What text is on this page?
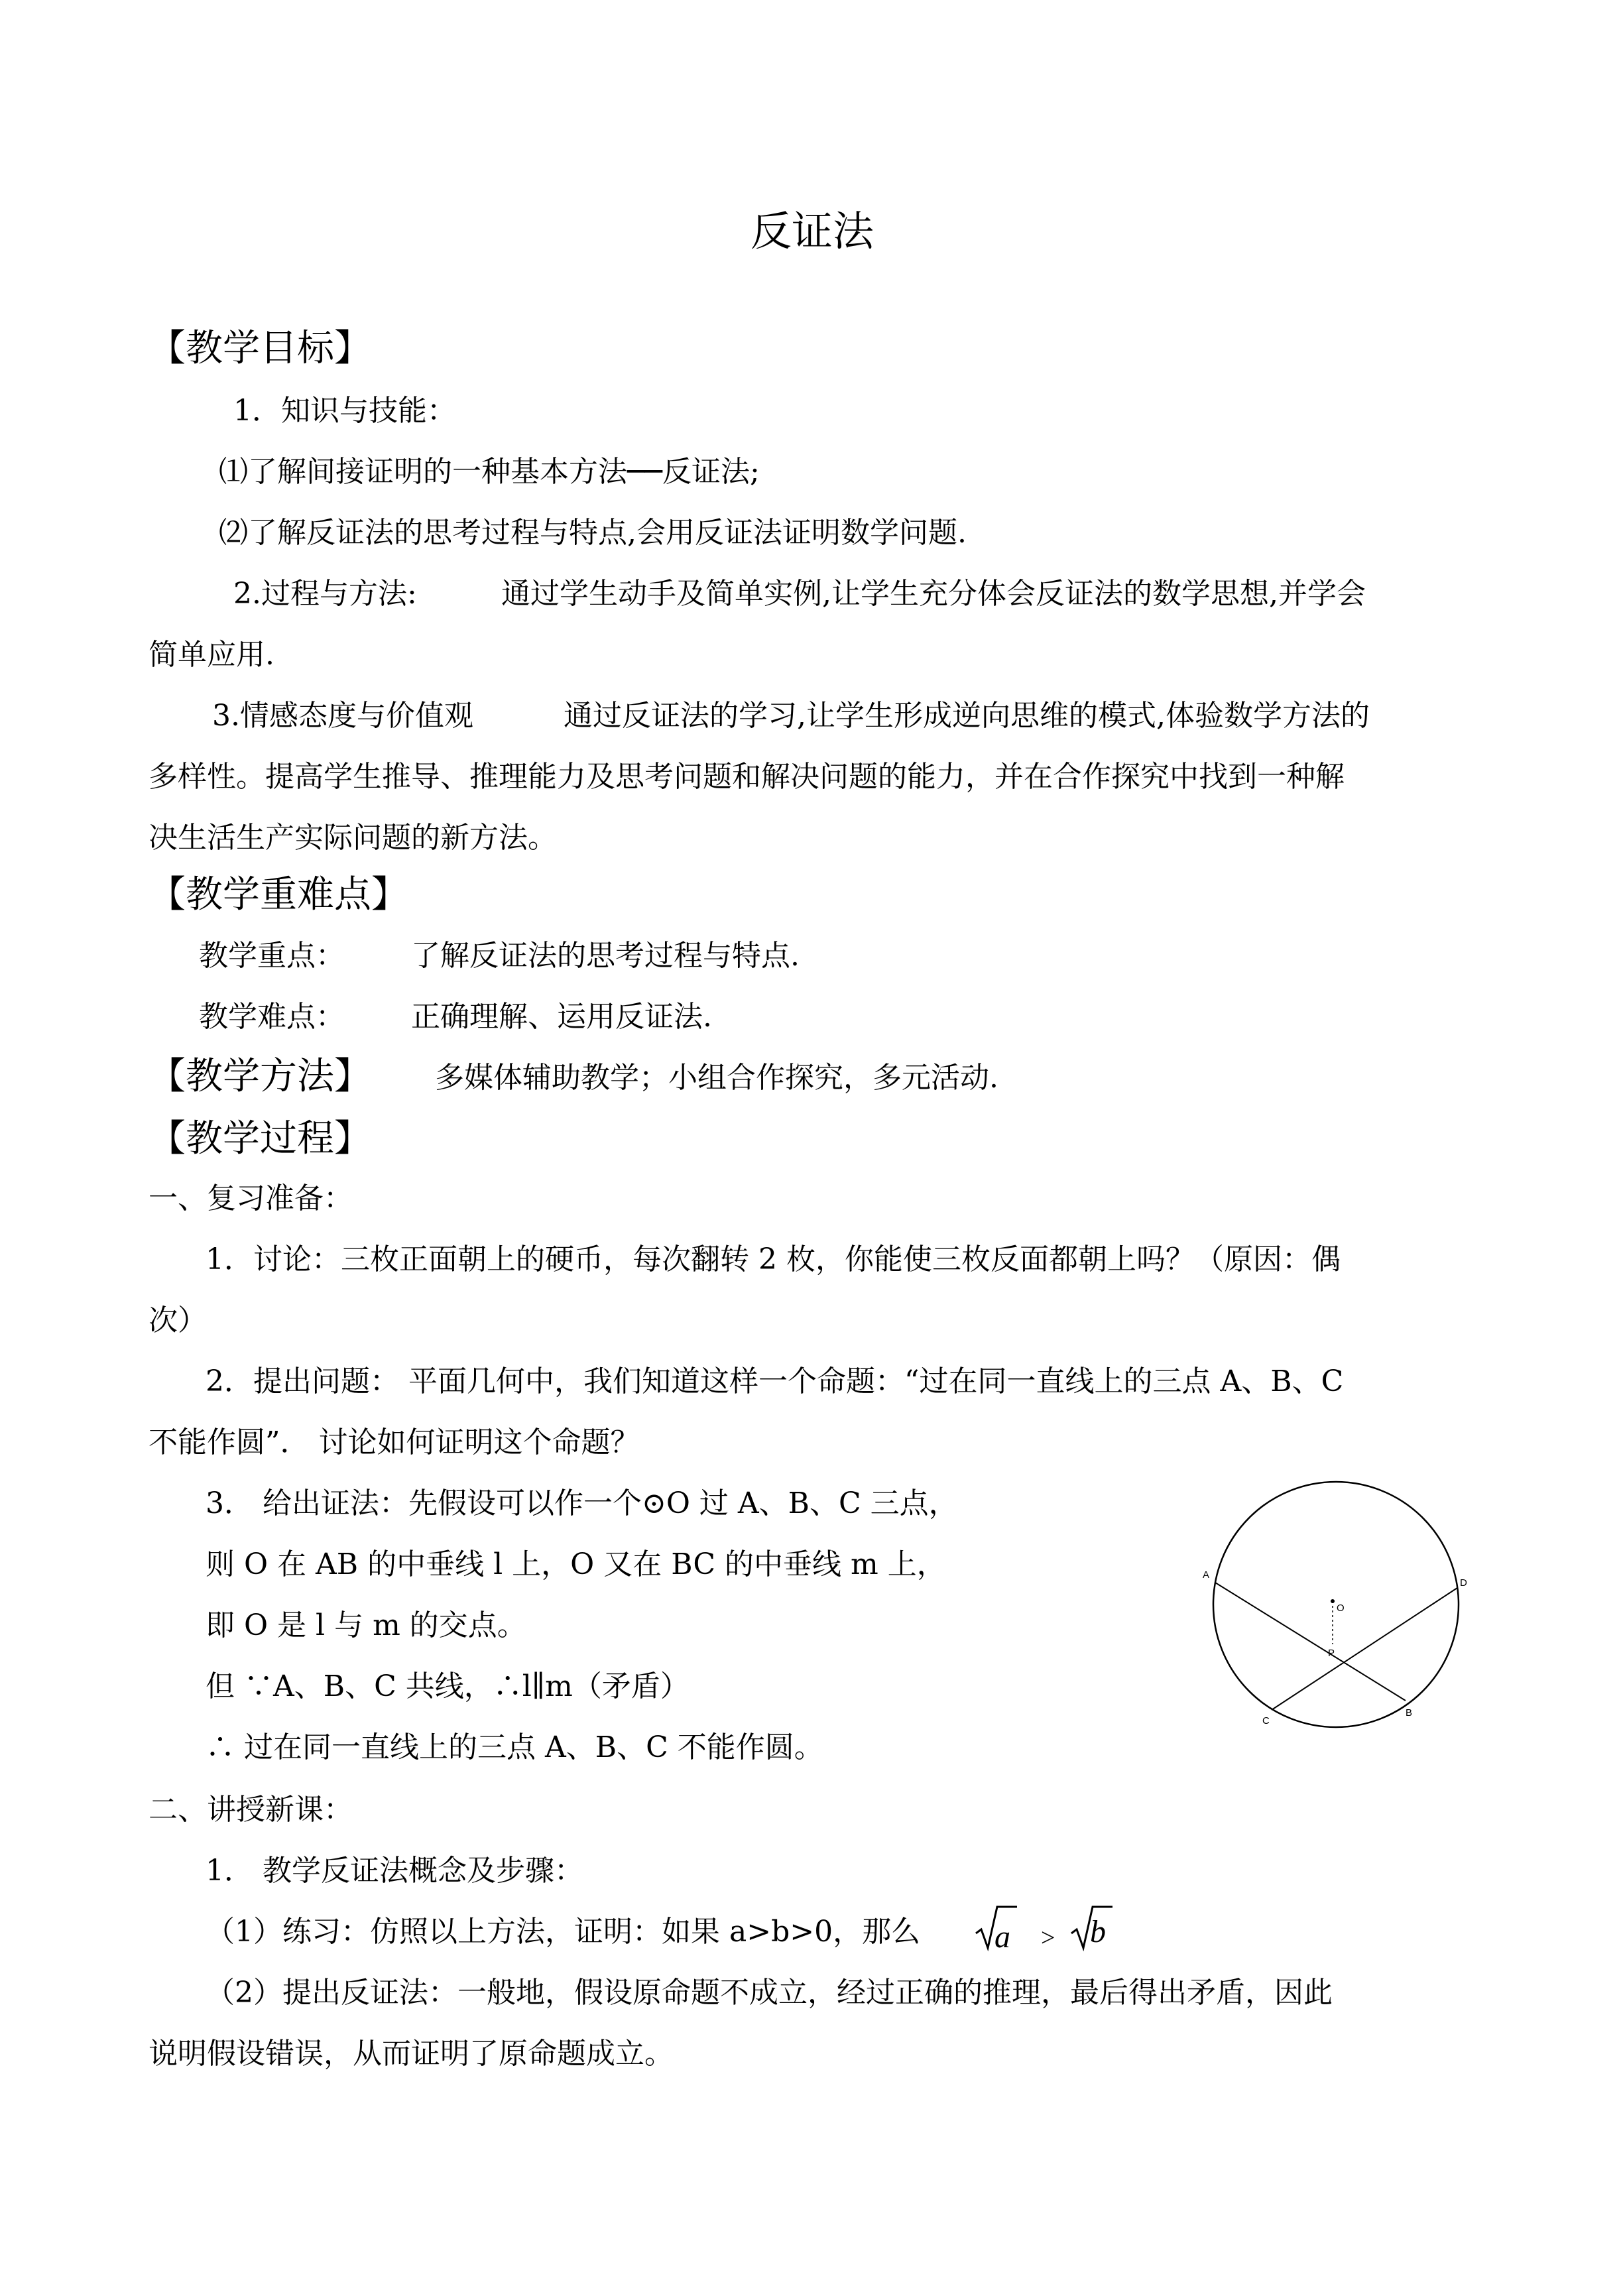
反证法
【教学目标】
1．知识与技能：
⑴了解间接证明的一种基本方法──反证法;
⑵了解反证法的思考过程与特点,会用反证法证明数学问题.
2.过程与方法:	通过学生动手及简单实例,让学生充分体会反证法的数学思想,并学会
简单应用.
3.情感态度与价值观	通过反证法的学习,让学生形成逆向思维的模式,体验数学方法的
多样性。提高学生推导、推理能力及思考问题和解决问题的能力，并在合作探究中找到一种解
决生活生产实际问题的新方法。
【教学重难点】
教学重点： 了解反证法的思考过程与特点.
教学难点： 正确理解、运用反证法.
【教学方法】 多媒体辅助教学；小组合作探究，多元活动.
【教学过程】
一、复习准备：
1．讨论：三枚正面朝上的硬币，每次翻转 2 枚，你能使三枚反面都朝上吗？（原因：偶
次）
2．提出问题： 平面几何中，我们知道这样一个命题：“过在同一直线上的三点 A、B、C
不能作圆”． 讨论如何证明这个命题？
3． 给出证法：先假设可以作一个⊙O 过 A、B、C 三点，
则 O 在 AB 的中垂线 l 上，O 又在 BC 的中垂线 m 上，
即 O 是 l 与 m 的交点。
但 ∵A、B、C 共线，∴l∥m（矛盾）
∴ 过在同一直线上的三点 A、B、C 不能作圆。
A
D
O
P
C
B
二、讲授新课：
1． 教学反证法概念及步骤：
（1）练习：仿照以上方法，证明：如果 a>b>0，那么 a > b
（2）提出反证法：一般地，假设原命题不成立，经过正确的推理，最后得出矛盾，因此
说明假设错误，从而证明了原命题成立。
